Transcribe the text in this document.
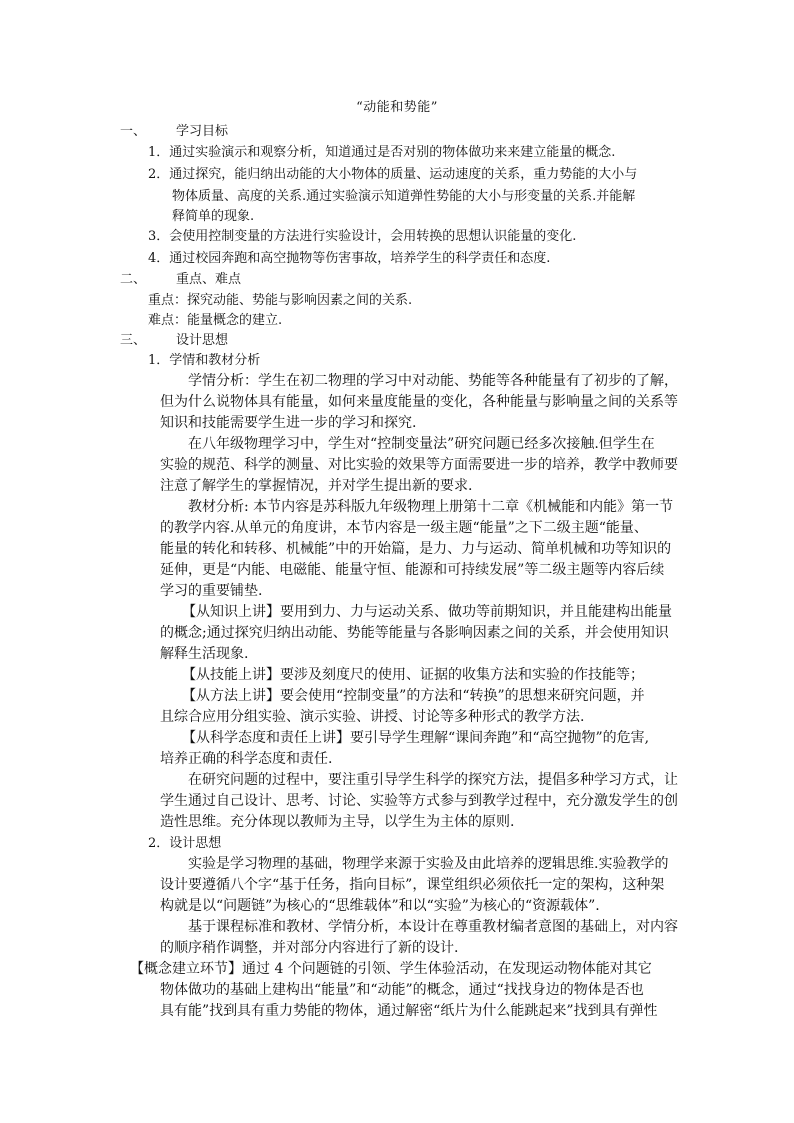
“动能和势能”
一、 学习目标
1．通过实验演示和观察分析，知道通过是否对别的物体做功来来建立能量的概念.
2．通过探究，能归纳出动能的大小物体的质量、运动速度的关系，重力势能的大小与
物体质量、高度的关系.通过实验演示知道弹性势能的大小与形变量的关系.并能解
释简单的现象.
3．会使用控制变量的方法进行实验设计，会用转换的思想认识能量的变化.
4．通过校园奔跑和高空抛物等伤害事故，培养学生的科学责任和态度.
二、 重点、难点
重点：探究动能、势能与影响因素之间的关系.
难点：能量概念的建立.
三、 设计思想
1．学情和教材分析
学情分析：学生在初二物理的学习中对动能、势能等各种能量有了初步的了解，
但为什么说物体具有能量，如何来量度能量的变化，各种能量与影响量之间的关系等
知识和技能需要学生进一步的学习和探究.
在八年级物理学习中，学生对“控制变量法”研究问题已经多次接触.但学生在
实验的规范、科学的测量、对比实验的效果等方面需要进一步的培养，教学中教师要
注意了解学生的掌握情况，并对学生提出新的要求.
教材分析: 本节内容是苏科版九年级物理上册第十二章《机械能和内能》第一节
的教学内容.从单元的角度讲，本节内容是一级主题“能量”之下二级主题“能量、
能量的转化和转移、机械能”中的开始篇，是力、力与运动、简单机械和功等知识的
延伸，更是“内能、电磁能、能量守恒、能源和可持续发展”等二级主题等内容后续
学习的重要铺垫.
【从知识上讲】要用到力、力与运动关系、做功等前期知识，并且能建构出能量
的概念;通过探究归纳出动能、势能等能量与各影响因素之间的关系，并会使用知识
解释生活现象.
【从技能上讲】要涉及刻度尺的使用、证据的收集方法和实验的作技能等；
【从方法上讲】要会使用“控制变量”的方法和“转换”的思想来研究问题，并
且综合应用分组实验、演示实验、讲授、讨论等多种形式的教学方法.
【从科学态度和责任上讲】要引导学生理解“课间奔跑”和“高空抛物”的危害,
培养正确的科学态度和责任.
在研究问题的过程中，要注重引导学生科学的探究方法，提倡多种学习方式，让
学生通过自己设计、思考、讨论、实验等方式参与到教学过程中，充分激发学生的创
造性思维。充分体现以教师为主导，以学生为主体的原则.
2．设计思想
实验是学习物理的基础，物理学来源于实验及由此培养的逻辑思维.实验教学的
设计要遵循八个字“基于任务，指向目标”，课堂组织必须依托一定的架构，这种架
构就是以“问题链”为核心的“思维载体”和以“实验”为核心的“资源载体”.
基于课程标准和教材、学情分析，本设计在尊重教材编者意图的基础上，对内容
的顺序稍作调整，并对部分内容进行了新的设计.
【概念建立环节】通过 4 个问题链的引领、学生体验活动，在发现运动物体能对其它
物体做功的基础上建构出“能量”和“动能”的概念，通过“找找身边的物体是否也
具有能”找到具有重力势能的物体，通过解密“纸片为什么能跳起来”找到具有弹性
